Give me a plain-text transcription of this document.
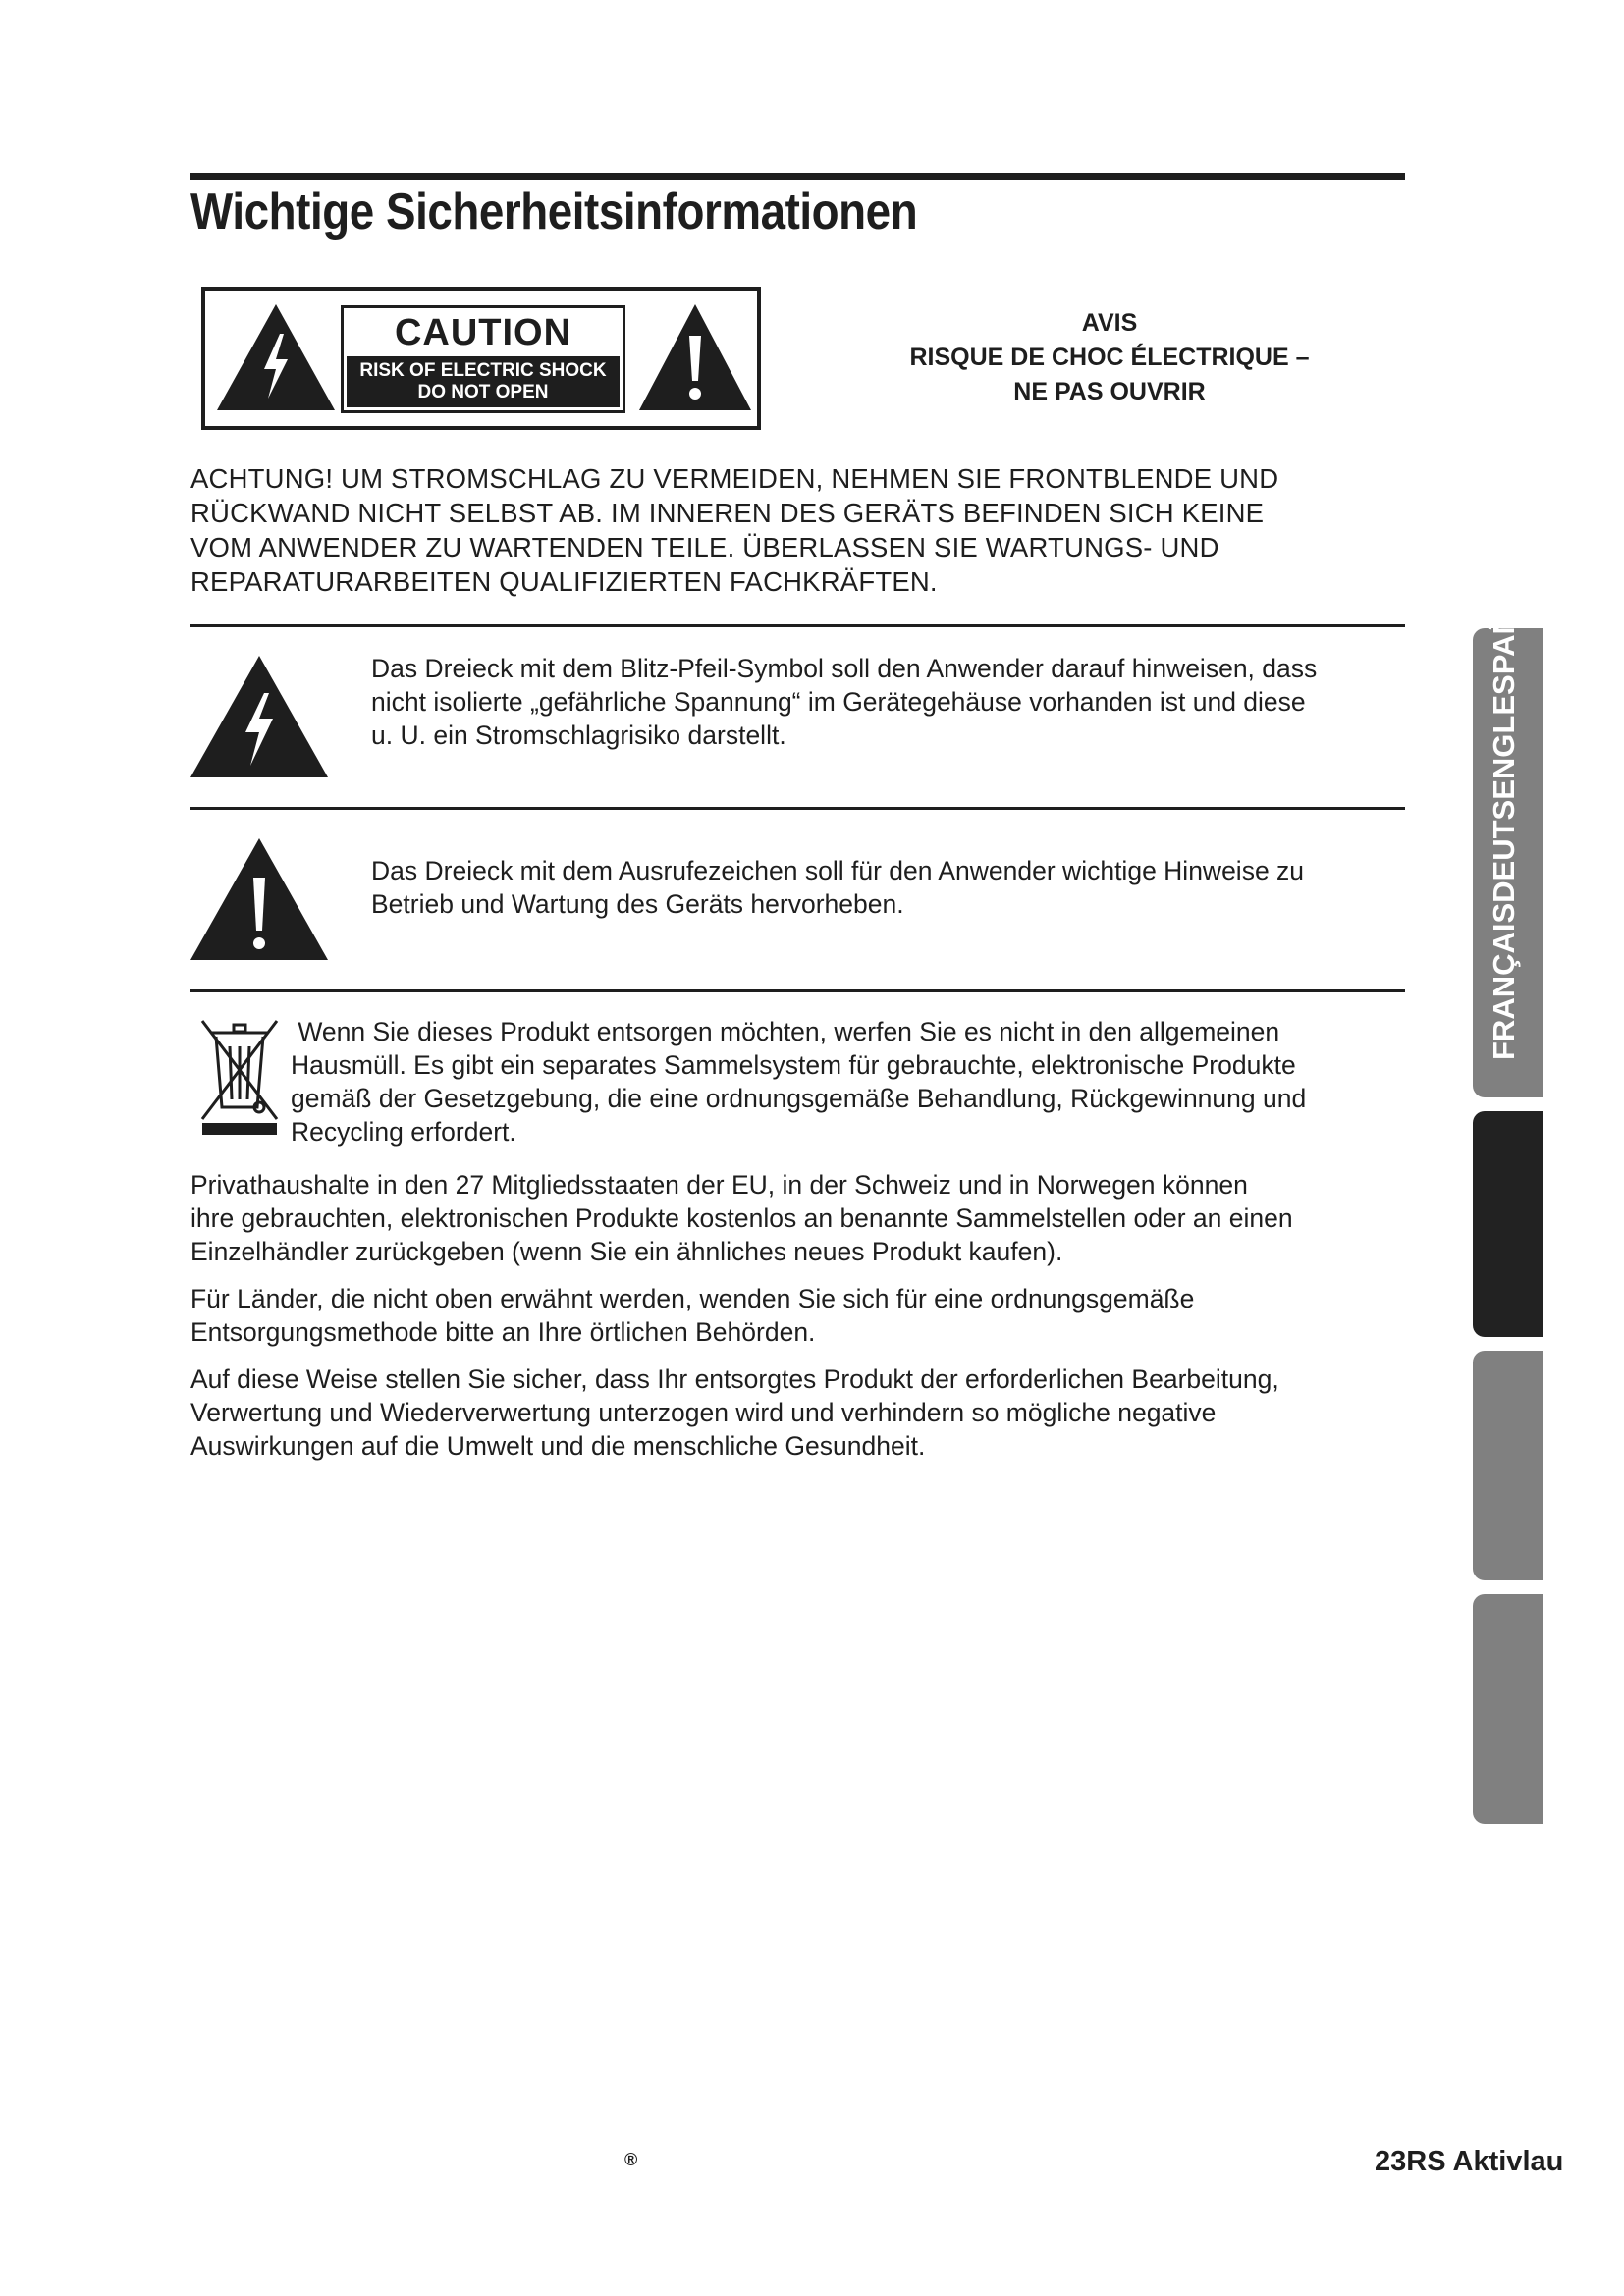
Wichtige Sicherheitsinformationen
CAUTION
RISK OF ELECTRIC SHOCK
DO NOT OPEN
AVIS
RISQUE DE CHOC ÉLECTRIQUE –
NE PAS OUVRIR
ACHTUNG! UM STROMSCHLAG ZU VERMEIDEN, NEHMEN SIE FRONTBLENDE UND
RÜCKWAND NICHT SELBST AB. IM INNEREN DES GERÄTS BEFINDEN SICH KEINE
VOM ANWENDER ZU WARTENDEN TEILE. ÜBERLASSEN SIE WARTUNGS- UND
REPARATURARBEITEN QUALIFIZIERTEN FACHKRÄFTEN.
Das Dreieck mit dem Blitz-Pfeil-Symbol soll den Anwender darauf hinweisen, dass
nicht isolierte „gefährliche Spannung“ im Gerätegehäuse vorhanden ist und diese
u. U. ein Stromschlagrisiko darstellt.
Das Dreieck mit dem Ausrufezeichen soll für den Anwender wichtige Hinweise zu
Betrieb und Wartung des Geräts hervorheben.
Wenn Sie dieses Produkt entsorgen möchten, werfen Sie es nicht in den allgemeinen
Hausmüll. Es gibt ein separates Sammelsystem für gebrauchte, elektronische Produkte
gemäß der Gesetzgebung, die eine ordnungsgemäße Behandlung, Rückgewinnung und
Recycling erfordert.
Privathaushalte in den 27 Mitgliedsstaaten der EU, in der Schweiz und in Norwegen können
ihre gebrauchten, elektronischen Produkte kostenlos an benannte Sammelstellen oder an einen
Einzelhändler zurückgeben (wenn Sie ein ähnliches neues Produkt kaufen).
Für Länder, die nicht oben erwähnt werden, wenden Sie sich für eine ordnungsgemäße
Entsorgungsmethode bitte an Ihre örtlichen Behörden.
Auf diese Weise stellen Sie sicher, dass Ihr entsorgtes Produkt der erforderlichen Bearbeitung,
Verwertung und Wiederverwertung unterzogen wird und verhindern so mögliche negative
Auswirkungen auf die Umwelt und die menschliche Gesundheit.
FRANÇAISDEUTSENGLESPAÑOL
®	23RS Aktivlau
